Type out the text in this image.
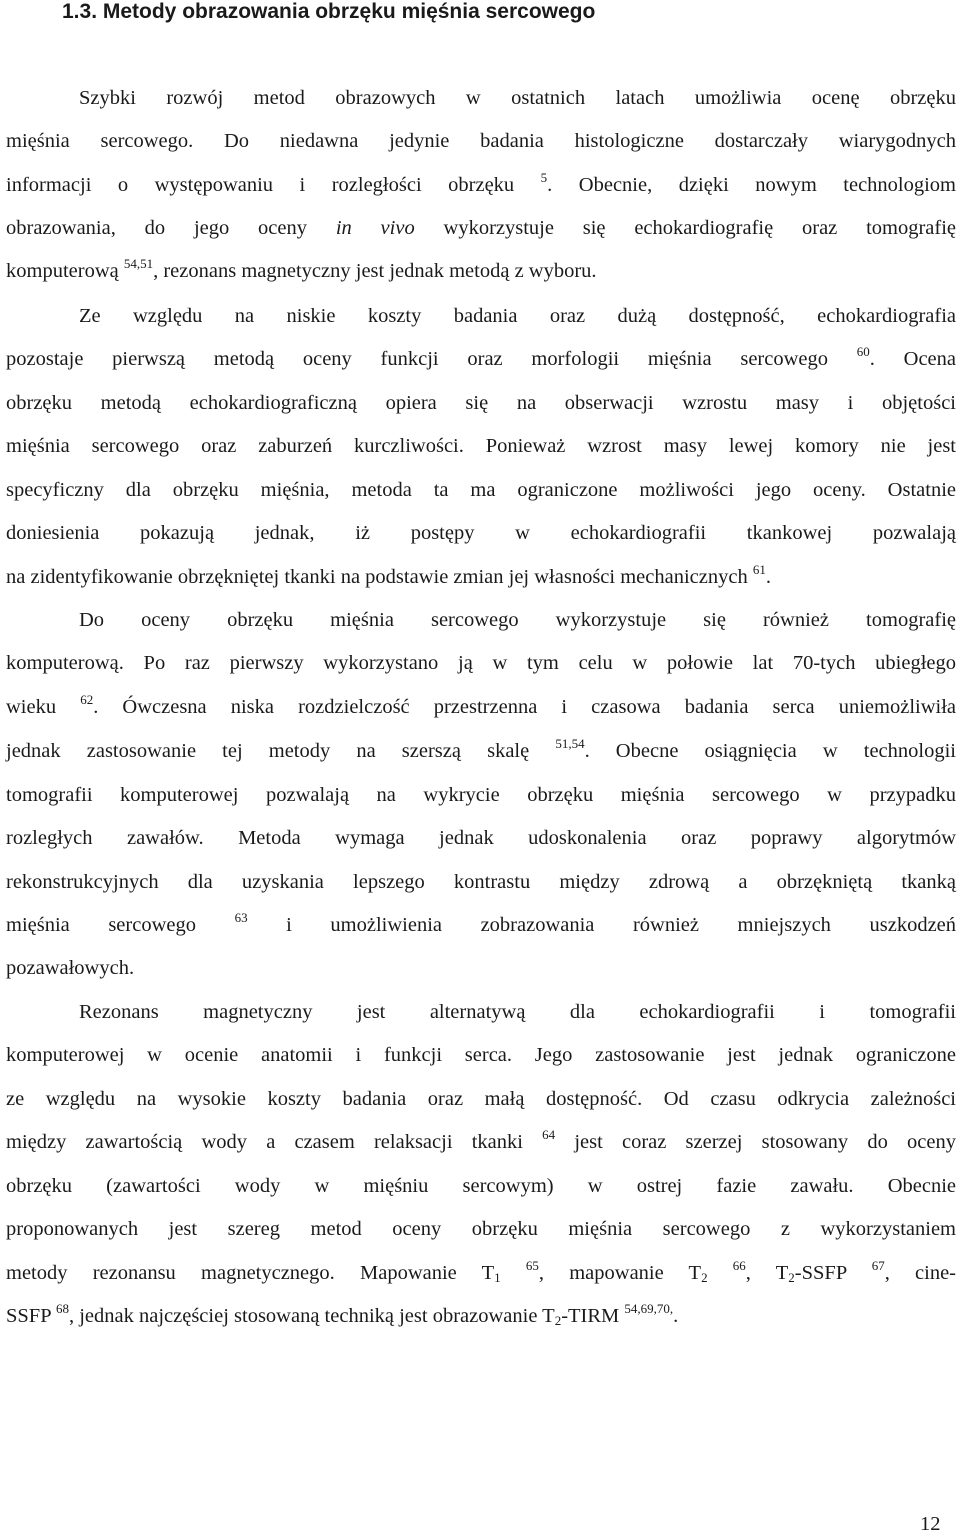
1.3. Metody obrazowania obrzęku mięśnia sercowego
Szybki rozwój metod obrazowych w ostatnich latach umożliwia ocenę obrzęku
mięśnia sercowego. Do niedawna jedynie badania histologiczne dostarczały wiarygodnych
informacji o występowaniu i rozległości obrzęku $^5$. Obecnie, dzięki nowym technologiom
obrazowania, do jego oceny in vivo wykorzystuje się echokardiografię oraz tomografię
komputerową $^{54,51}$, rezonans magnetyczny jest jednak metodą z wyboru.
Ze względu na niskie koszty badania oraz dużą dostępność, echokardiografia
pozostaje pierwszą metodą oceny funkcji oraz morfologii mięśnia sercowego $^{60}$. Ocena
obrzęku metodą echokardiograficzną opiera się na obserwacji wzrostu masy i objętości
mięśnia sercowego oraz zaburzeń kurczliwości. Ponieważ wzrost masy lewej komory nie jest
specyficzny dla obrzęku mięśnia, metoda ta ma ograniczone możliwości jego oceny. Ostatnie
doniesienia pokazują jednak, iż postępy w echokardiografii tkankowej pozwalają
na zidentyfikowanie obrzękniętej tkanki na podstawie zmian jej własności mechanicznych $^{61}$.
Do oceny obrzęku mięśnia sercowego wykorzystuje się również tomografię
komputerową. Po raz pierwszy wykorzystano ją w tym celu w połowie lat 70-tych ubiegłego
wieku $^{62}$. Ówczesna niska rozdzielczość przestrzenna i czasowa badania serca uniemożliwiła
jednak zastosowanie tej metody na szerszą skalę $^{51,54}$. Obecne osiągnięcia w technologii
tomografii komputerowej pozwalają na wykrycie obrzęku mięśnia sercowego w przypadku
rozległych zawałów. Metoda wymaga jednak udoskonalenia oraz poprawy algorytmów
rekonstrukcyjnych dla uzyskania lepszego kontrastu między zdrową a obrzękniętą tkanką
mięśnia sercowego	$^{63}$ i umożliwienia zobrazowania również mniejszych uszkodzeń
pozawałowych.
Rezonans magnetyczny jest alternatywą dla echokardiografii i tomografii
komputerowej w ocenie anatomii i funkcji serca. Jego zastosowanie jest jednak ograniczone
ze względu na wysokie koszty badania oraz małą dostępność. Od czasu odkrycia zależności
między zawartością wody a czasem relaksacji tkanki $^{64}$ jest coraz szerzej stosowany do oceny
obrzęku (zawartości wody w mięśniu sercowym) w ostrej fazie zawału. Obecnie
proponowanych jest szereg metod oceny obrzęku mięśnia sercowego z wykorzystaniem
metody rezonansu magnetycznego. Mapowanie $T_1$ $^{65}$, mapowanie $T_2$ $^{66}$, $T_2$-SSFP $^{67}$, cine-
SSFP $^{68}$, jednak najczęściej stosowaną techniką jest obrazowanie $T_2$-TIRM $^{54,69,70,}$.
12
